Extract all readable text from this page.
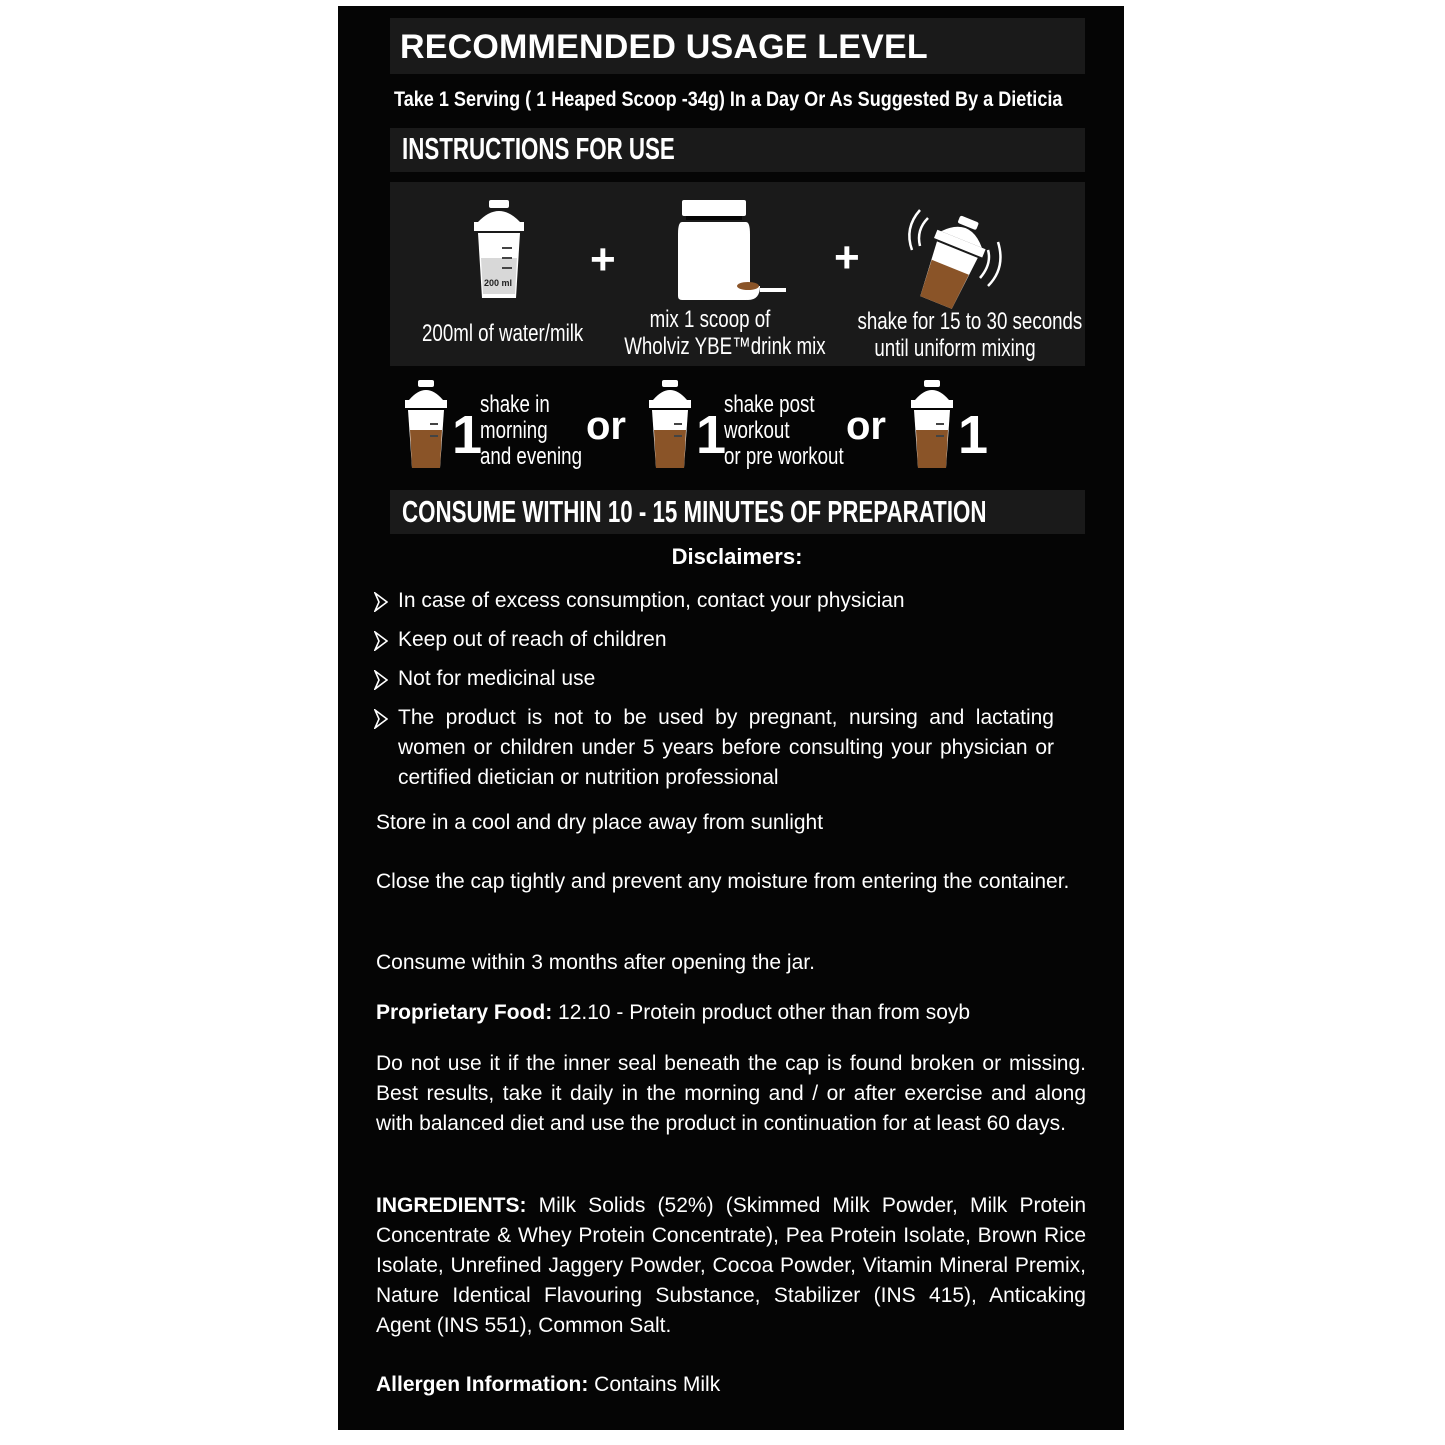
RECOMMENDED USAGE LEVEL
Take 1 Serving ( 1 Heaped Scoop -34g) In a Day Or As Suggested By a Dieticia
INSTRUCTIONS FOR USE
200 ml
200ml of water/milk
+
mix 1 scoop of
Wholviz YBE™drink mix
+
shake for 15 to 30 seconds
until uniform mixing
1
shake in
morning
and evening
or 1
shake post
workout
or pre workout
or 1
CONSUME WITHIN 10 - 15 MINUTES OF PREPARATION
Disclaimers:
In case of excess consumption, contact your physician
Keep out of reach of children
Not for medicinal use
The product is not to be used by pregnant, nursing and lactating women or children under 5 years before consulting your physician or certified dietician or nutrition professional
Store in a cool and dry place away from sunlight
Close the cap tightly and prevent any moisture from entering the container.
Consume within 3 months after opening the jar.
Proprietary Food: 12.10 - Protein product other than from soyb
Do not use it if the inner seal beneath the cap is found broken or missing. Best results, take it daily in the morning and / or after exercise and along with balanced diet and use the product in continuation for at least 60 days.
INGREDIENTS: Milk Solids (52%) (Skimmed Milk Powder, Milk Protein Concentrate & Whey Protein Concentrate), Pea Protein Isolate, Brown Rice Isolate, Unrefined Jaggery Powder, Cocoa Powder, Vitamin Mineral Premix, Nature Identical Flavouring Substance, Stabilizer (INS 415), Anticaking Agent (INS 551), Common Salt.
Allergen Information: Contains Milk
